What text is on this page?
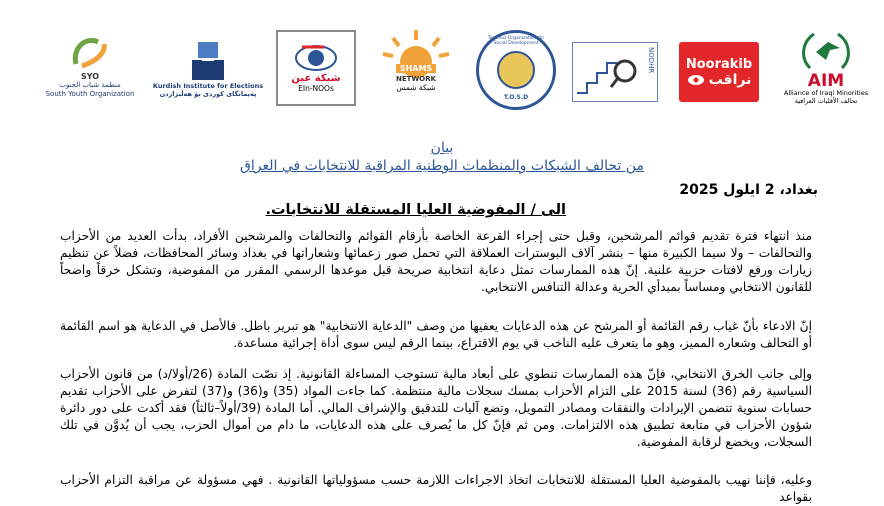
AIM
Alliance of Iraqi Minorities
تحالف الأقليات العراقية
Noorakib
نراقب
NODHR
T.O.S.D
Tammuz Organization for Social Development
SHAMS
NETWORK
شبكة شمس
شبكة عين
EIn-NOOs
Kurdish Institute for Elections
پەیمانگای کوردی بۆ هەڵبژاردن
SYO
منظمة شباب الجنوب
South Youth Organization
بيان
من تحالف الشبكات والمنظمات الوطنية المراقبة للانتخابات في العراق
بغداد، 2 ايلول 2025
الى / المفوضية العليا المستقلة للانتخابات.

منذ انتهاء فترة تقديم قوائم المرشحين، وقبل حتى إجراء القرعة الخاصة بأرقام القوائم والتحالفات والمرشحين الأفراد، بدأت العديد من الأحزاب والتحالفات – ولا سيما الكبيرة منها – بنشر آلاف البوسترات العملاقة التي تحمل صور زعمائها وشعاراتها في بغداد وسائر المحافظات، فضلاً عن تنظيم زيارات ورفع لافتات حزبية علنية. إنّ هذه الممارسات تمثل دعاية انتخابية صريحة قبل موعدها الرسمي المقرر من المفوضية، وتشكل خرقاً واضحاً للقانون الانتخابي ومساساً بمبدأي الحرية وعدالة التنافس الانتخابي.

إنّ الادعاء بأنّ غياب رقم القائمة أو المرشح عن هذه الدعايات يعفيها من وصف "الدعاية الانتخابية" هو تبرير باطل. فالأصل في الدعاية هو اسم القائمة أو التحالف وشعاره المميز، وهو ما يتعرف عليه الناخب في يوم الاقتراع، بينما الرقم ليس سوى أداة إجرائية مساعدة.

وإلى جانب الخرق الانتخابي، فإنّ هذه الممارسات تنطوي على أبعاد مالية تستوجب المساءلة القانونية. إذ نصّت المادة (26/أولا/د) من قانون الأحزاب السياسية رقم (36) لسنة 2015 على التزام الأحزاب بمسك سجلات مالية منتظمة. كما جاءت المواد (35) و(36) و(37) لتفرض على الأحزاب تقديم حسابات سنوية تتضمن الإيرادات والنفقات ومصادر التمويل، وتضع آليات للتدقيق والإشراف المالي. أما المادة (39/أولاً–ثالثاً) فقد أكدت على دور دائرة شؤون الأحزاب في متابعة تطبيق هذه الالتزامات. ومن ثم فإنّ كل ما يُصرف على هذه الدعايات، ما دام من أموال الحزب، يجب أن يُدوَّن في تلك السجلات، ويخضع لرقابة المفوضية.

وعليه، فإننا نهيب بالمفوضية العليا المستقلة للانتخابات اتخاذ الاجراءات اللازمة حسب مسؤولياتها القانونية . فهي مسؤولة عن مراقبة التزام الأحزاب بقواعد
